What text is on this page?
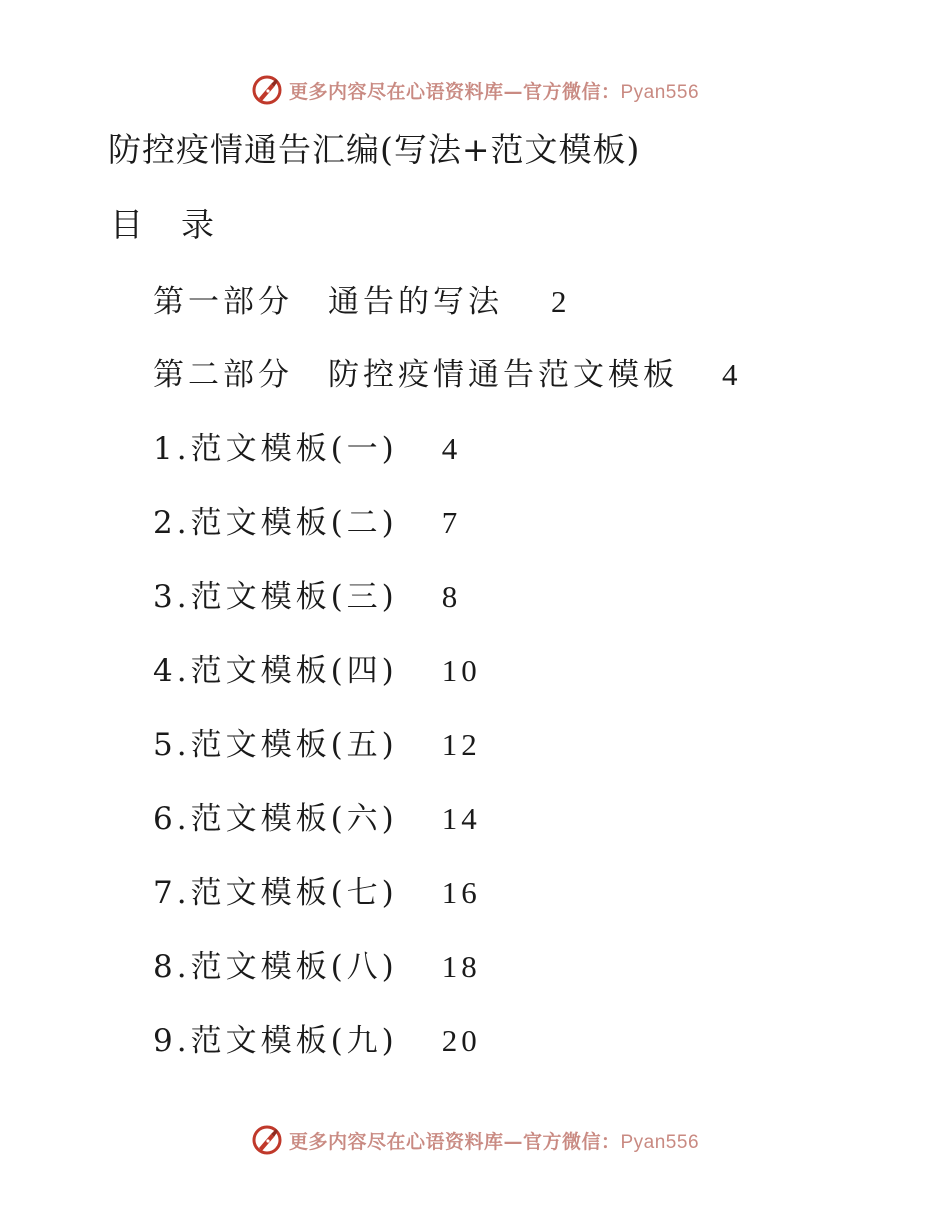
更多内容尽在心语资料库—官方微信：Pyan556
防控疫情通告汇编(写法+范文模板)
目录
第一部分　通告的写法 2
第二部分　防控疫情通告范文模板 4
1.范文模板(一) 4
2.范文模板(二) 7
3.范文模板(三) 8
4.范文模板(四) 10
5.范文模板(五) 12
6.范文模板(六) 14
7.范文模板(七) 16
8.范文模板(八) 18
9.范文模板(九) 20
更多内容尽在心语资料库—官方微信：Pyan556
